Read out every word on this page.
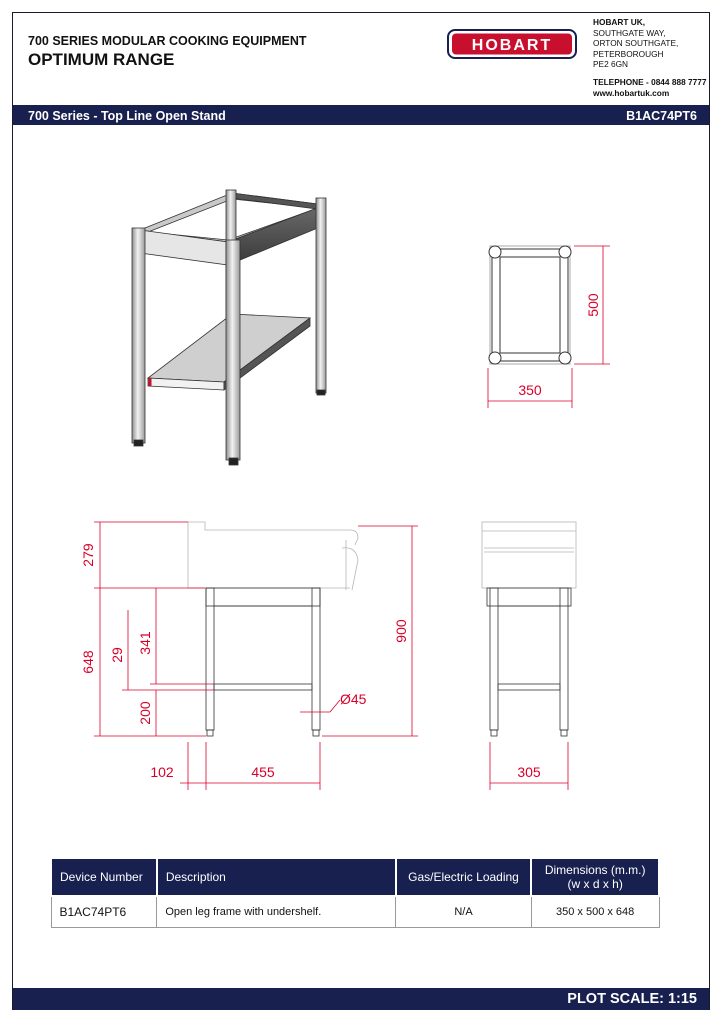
700 SERIES MODULAR COOKING EQUIPMENT
OPTIMUM RANGE
HOBART
HOBART UK,
SOUTHGATE WAY,
ORTON SOUTHGATE,
PETERBOROUGH
PE2 6GN
TELEPHONE - 0844 888 7777
www.hobartuk.com
700 Series - Top Line Open Stand	B1AC74PT6
500
350
279
648
341
29
200
Ø45
900
102	455	305
Device Number	Description	Gas/Electric Loading	Dimensions (m.m.)
(w x d x h)

B1AC74PT6	Open leg frame with undershelf.	N/A	350 x 500 x 648
PLOT SCALE: 1:15
